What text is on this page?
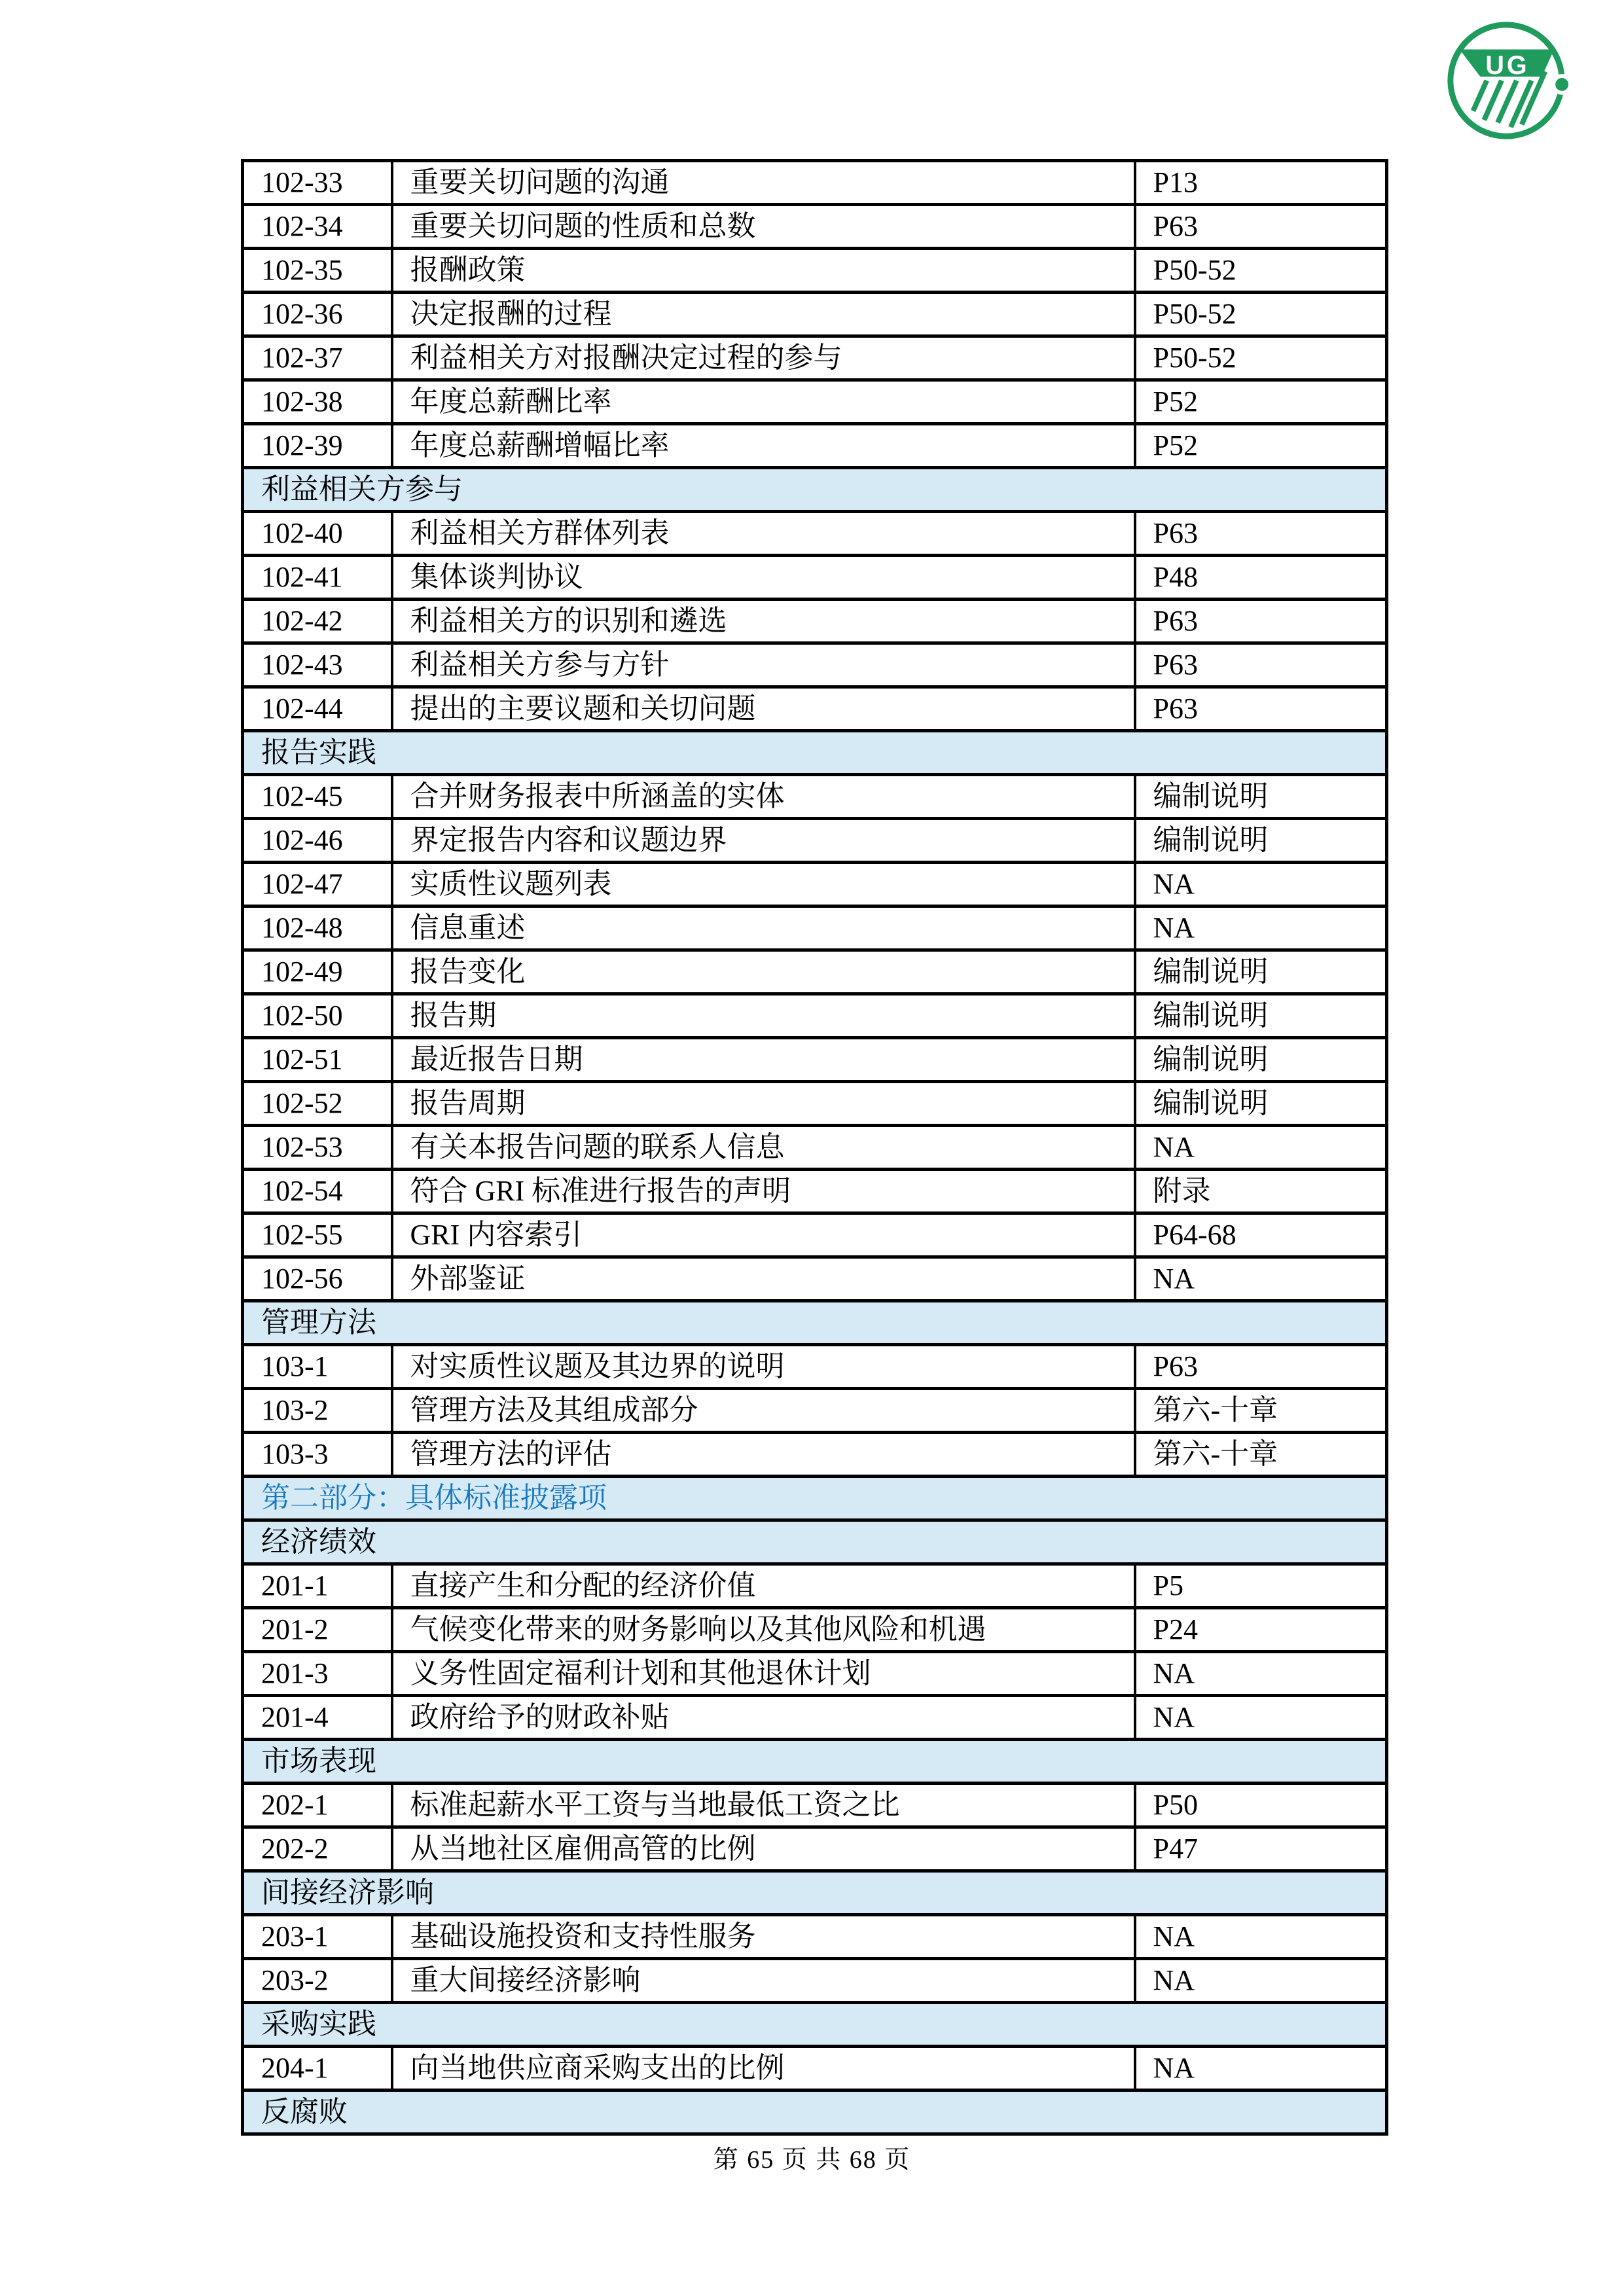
UG
102-33	重要关切问题的沟通	P13
102-34	重要关切问题的性质和总数	P63
102-35	报酬政策	P50-52
102-36	决定报酬的过程	P50-52
102-37	利益相关方对报酬决定过程的参与	P50-52
102-38	年度总薪酬比率	P52
102-39	年度总薪酬增幅比率	P52
利益相关方参与		
102-40	利益相关方群体列表	P63
102-41	集体谈判协议	P48
102-42	利益相关方的识别和遴选	P63
102-43	利益相关方参与方针	P63
102-44	提出的主要议题和关切问题	P63
报告实践		
102-45	合并财务报表中所涵盖的实体	编制说明
102-46	界定报告内容和议题边界	编制说明
102-47	实质性议题列表	NA
102-48	信息重述	NA
102-49	报告变化	编制说明
102-50	报告期	编制说明
102-51	最近报告日期	编制说明
102-52	报告周期	编制说明
102-53	有关本报告问题的联系人信息	NA
102-54	符合 GRI 标准进行报告的声明	附录
102-55	GRI 内容索引	P64-68
102-56	外部鉴证	NA
管理方法		
103-1	对实质性议题及其边界的说明	P63
103-2	管理方法及其组成部分	第六-十章
103-3	管理方法的评估	第六-十章
第二部分：具体标准披露项		
经济绩效		
201-1	直接产生和分配的经济价值	P5
201-2	气候变化带来的财务影响以及其他风险和机遇	P24
201-3	义务性固定福利计划和其他退休计划	NA
201-4	政府给予的财政补贴	NA
市场表现		
202-1	标准起薪水平工资与当地最低工资之比	P50
202-2	从当地社区雇佣高管的比例	P47
间接经济影响		
203-1	基础设施投资和支持性服务	NA
203-2	重大间接经济影响	NA
采购实践		
204-1	向当地供应商采购支出的比例	NA
反腐败		
第 65 页 共 68 页
